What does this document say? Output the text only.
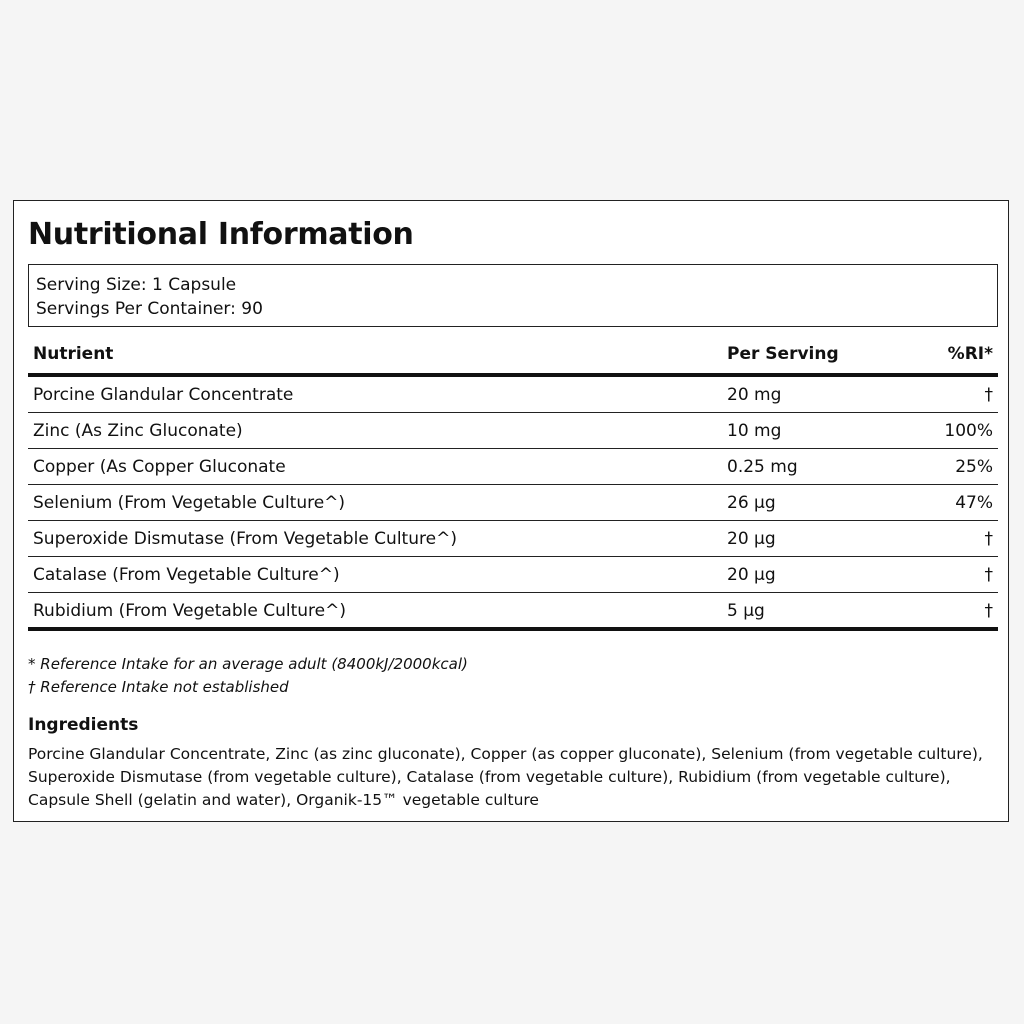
Nutritional Information
Serving Size: 1 Capsule
Servings Per Container: 90
Nutrient	Per Serving	%RI*
Porcine Glandular Concentrate	20 mg	†
Zinc (As Zinc Gluconate)	10 mg	100%
Copper (As Copper Gluconate	0.25 mg	25%
Selenium (From Vegetable Culture^)	26 µg	47%
Superoxide Dismutase (From Vegetable Culture^)	20 µg	†
Catalase (From Vegetable Culture^)	20 µg	†
Rubidium (From Vegetable Culture^)	5 µg	†
* Reference Intake for an average adult (8400kJ/2000kcal)
† Reference Intake not established
Ingredients
Porcine Glandular Concentrate, Zinc (as zinc gluconate), Copper (as copper gluconate), Selenium (from vegetable culture),
Superoxide Dismutase (from vegetable culture), Catalase (from vegetable culture), Rubidium (from vegetable culture),
Capsule Shell (gelatin and water), Organik-15™ vegetable culture
